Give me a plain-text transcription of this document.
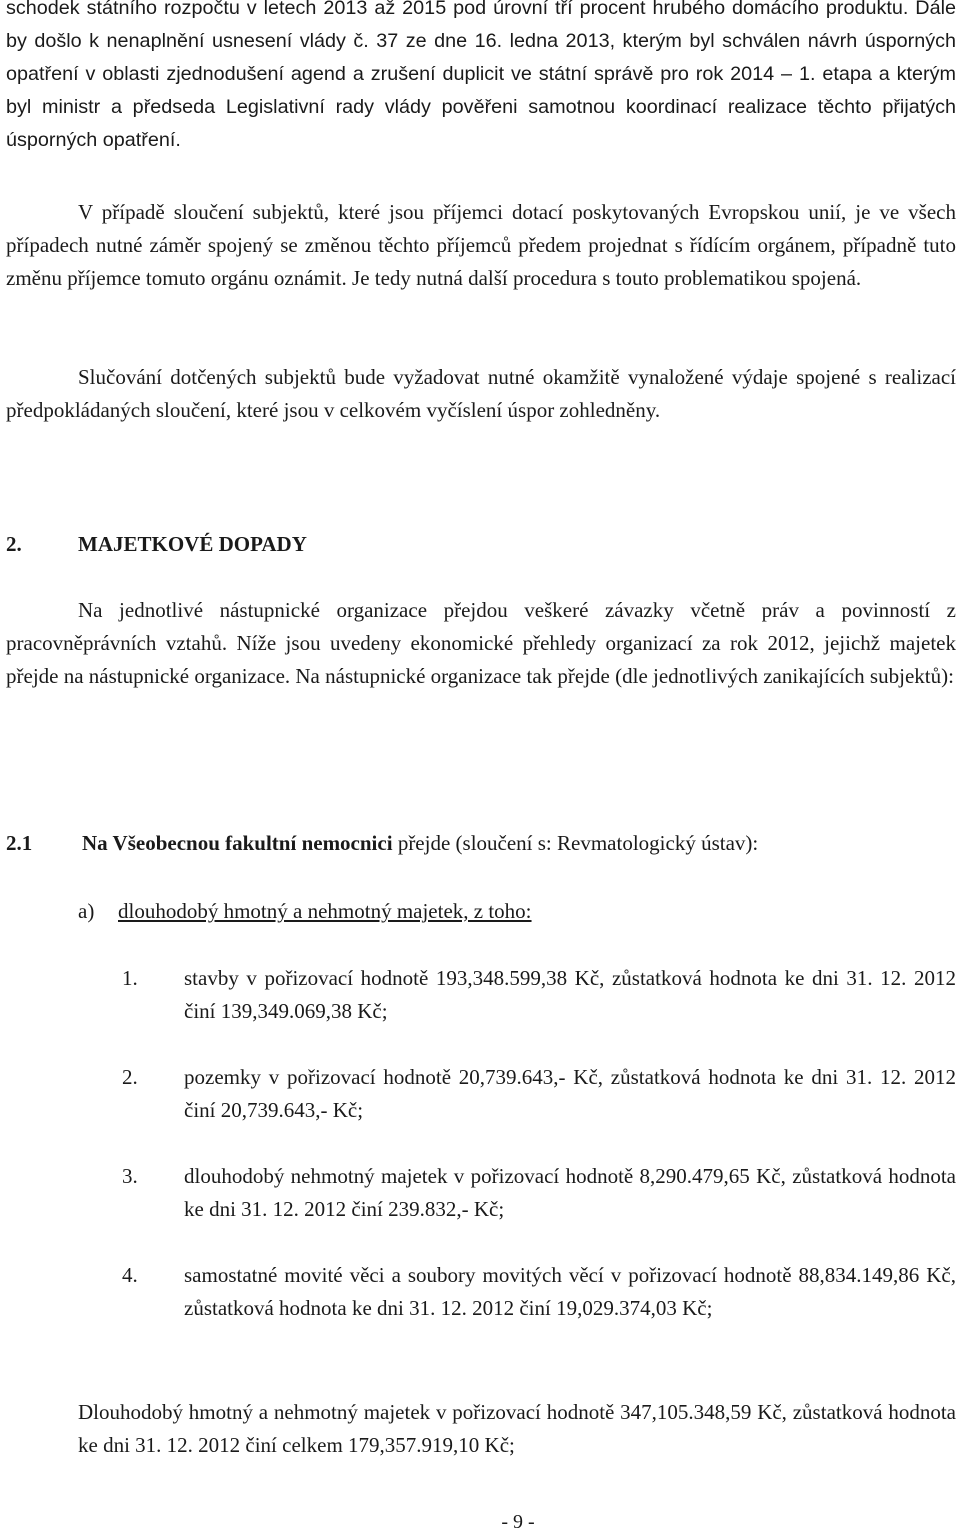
schodek státního rozpočtu v letech 2013 až 2015 pod úrovní tří procent hrubého domácího produktu. Dále by došlo k nenaplnění usnesení vlády č. 37 ze dne 16. ledna 2013, kterým byl schválen návrh úsporných opatření v oblasti zjednodušení agend a zrušení duplicit ve státní správě pro rok 2014 – 1. etapa a kterým byl ministr a předseda Legislativní rady vlády pověřeni samotnou koordinací realizace těchto přijatých úsporných opatření.

V případě sloučení subjektů, které jsou příjemci dotací poskytovaných Evropskou unií, je ve všech případech nutné záměr spojený se změnou těchto příjemců předem projednat s řídícím orgánem, případně tuto změnu příjemce tomuto orgánu oznámit. Je tedy nutná další procedura s touto problematikou spojená.

Slučování dotčených subjektů bude vyžadovat nutné okamžitě vynaložené výdaje spojené s realizací předpokládaných sloučení, které jsou v celkovém vyčíslení úspor zohledněny.

2.	MAJETKOVÉ DOPADY

Na jednotlivé nástupnické organizace přejdou veškeré závazky včetně práv a povinností z pracovněprávních vztahů. Níže jsou uvedeny ekonomické přehledy organizací za rok 2012, jejichž majetek přejde na nástupnické organizace. Na nástupnické organizace tak přejde (dle jednotlivých zanikajících subjektů):

2.1 Na Všeobecnou fakultní nemocnici přejde (sloučení s: Revmatologický ústav):
a) dlouhodobý hmotný a nehmotný majetek, z toho:
1. stavby v pořizovací hodnotě 193,348.599,38 Kč, zůstatková hodnota ke dni 31. 12. 2012 činí 139,349.069,38 Kč;

2. pozemky v pořizovací hodnotě 20,739.643,- Kč, zůstatková hodnota ke dni 31. 12. 2012 činí 20,739.643,- Kč;

3. dlouhodobý nehmotný majetek v pořizovací hodnotě 8,290.479,65 Kč, zůstatková hodnota ke dni 31. 12. 2012 činí 239.832,- Kč;

4. samostatné movité věci a soubory movitých věcí v pořizovací hodnotě 88,834.149,86 Kč, zůstatková hodnota ke dni 31. 12. 2012 činí 19,029.374,03 Kč;

Dlouhodobý hmotný a nehmotný majetek v pořizovací hodnotě 347,105.348,59 Kč, zůstatková hodnota ke dni 31. 12. 2012 činí celkem 179,357.919,10 Kč;

- 9 -
